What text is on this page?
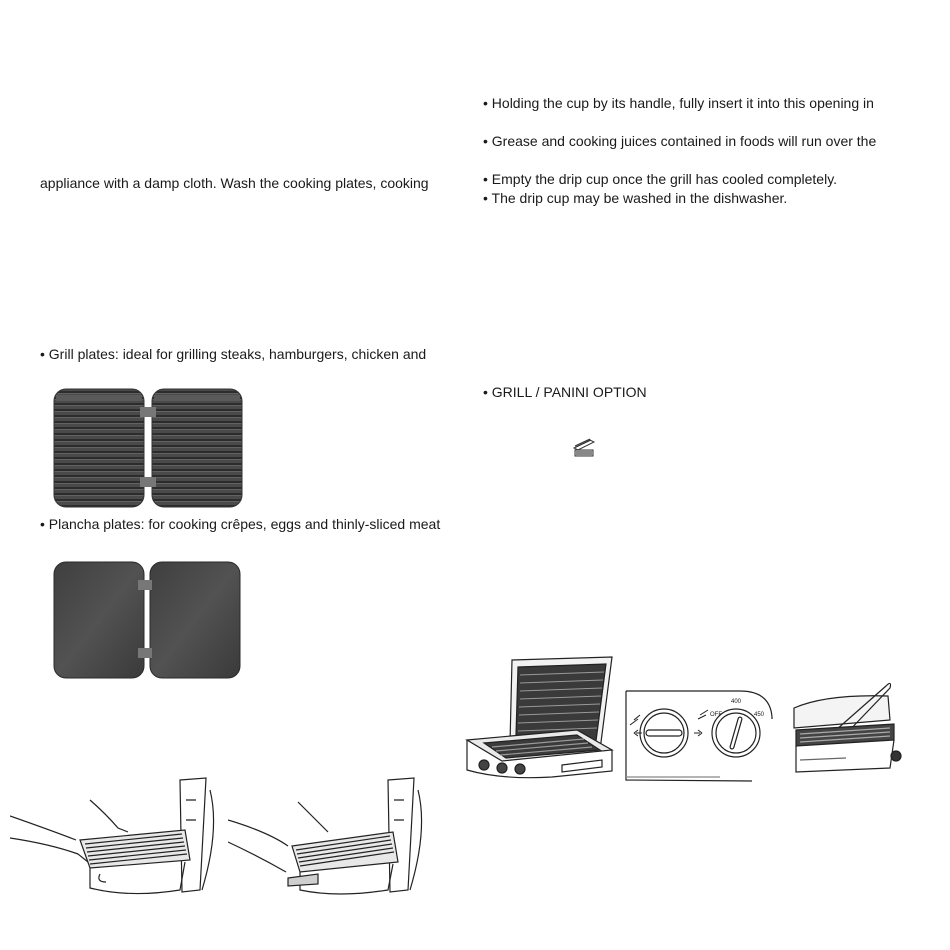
appliance with a damp cloth. Wash the cooking plates, cooking
• Grill plates: ideal for grilling steaks, hamburgers, chicken and
• Plancha plates: for cooking crêpes, eggs and thinly-sliced meat
• Holding the cup by its handle, fully insert it into this opening in
• Grease and cooking juices contained in foods will run over the
• Empty the drip cup once the grill has cooled completely.
• The drip cup may be washed in the dishwasher.
• GRILL / PANINI OPTION
400
450
OFF
